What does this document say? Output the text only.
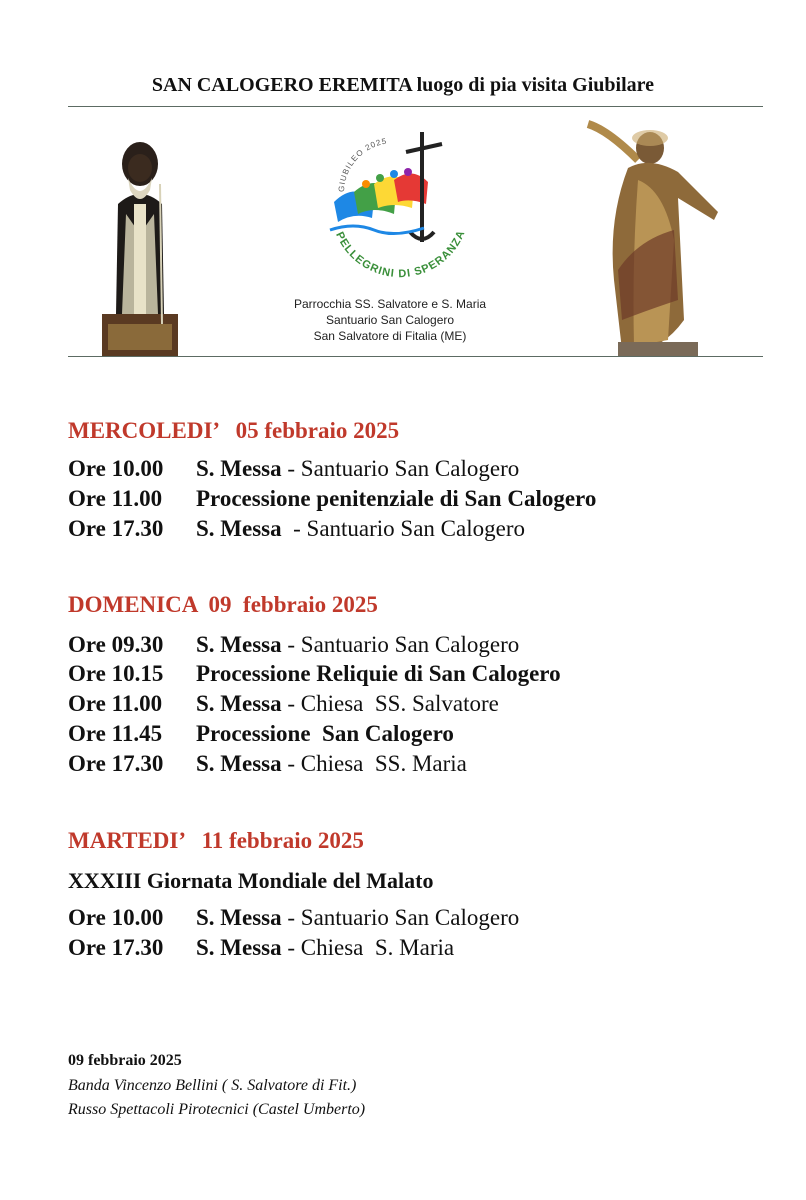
SAN CALOGERO EREMITA luogo di pia visita Giubilare
GIUBILEO 2025
PELLEGRINI DI SPERANZA
Parrocchia SS. Salvatore e S. Maria
Santuario San Calogero
San Salvatore di Fitalia (ME)
MERCOLEDI’   05 febbraio 2025
Ore 10.00 S. Messa - Santuario San Calogero
Ore 11.00 Processione penitenziale di San Calogero
Ore 17.30 S. Messa  - Santuario San Calogero
DOMENICA  09  febbraio 2025
Ore 09.30 S. Messa - Santuario San Calogero
Ore 10.15 Processione Reliquie di San Calogero
Ore 11.00 S. Messa - Chiesa  SS. Salvatore
Ore 11.45 Processione  San Calogero
Ore 17.30 S. Messa - Chiesa  SS. Maria
MARTEDI’   11 febbraio 2025
XXXIII Giornata Mondiale del Malato
Ore 10.00 S. Messa - Santuario San Calogero
Ore 17.30 S. Messa - Chiesa  S. Maria
09 febbraio 2025
Banda Vincenzo Bellini ( S. Salvatore di Fit.)
Russo Spettacoli Pirotecnici (Castel Umberto)
